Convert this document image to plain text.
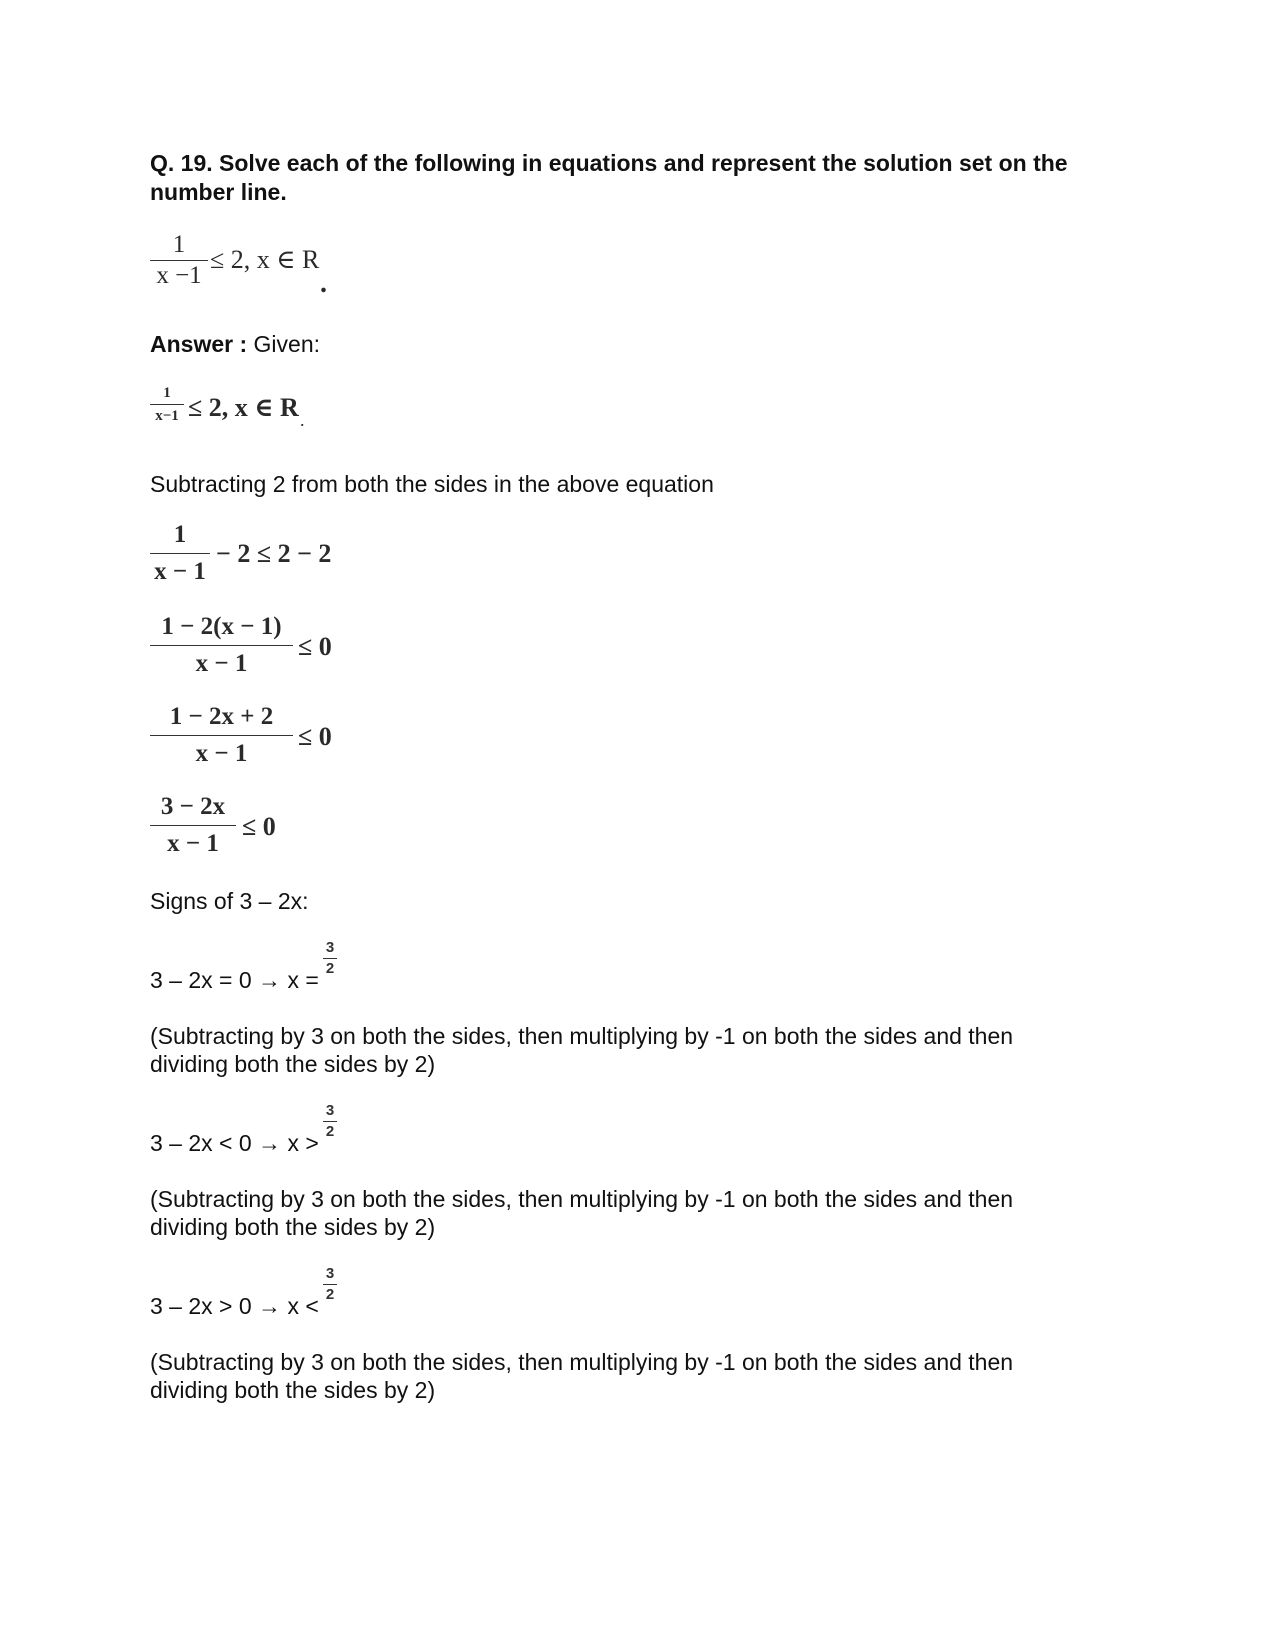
Q. 19. Solve each of the following in equations and represent the solution set on the number line.
1
x −1
≤ 2, x ∈ R
.
Answer : Given:
1
x−1 ≤ 2, x ∈ R .
Subtracting 2 from both the sides in the above equation
1
x − 1
− 2 ≤ 2 − 2
1 − 2(x − 1)
x − 1
≤ 0
1 − 2x + 2
x − 1
≤ 0
3 − 2x
x − 1
≤ 0
Signs of 3 – 2x:
3 – 2x = 0 → x =
3
2
(Subtracting by 3 on both the sides, then multiplying by -1 on both the sides and then dividing both the sides by 2)
3 – 2x < 0 → x >
3
2
(Subtracting by 3 on both the sides, then multiplying by -1 on both the sides and then dividing both the sides by 2)
3 – 2x > 0 → x <
3
2
(Subtracting by 3 on both the sides, then multiplying by -1 on both the sides and then dividing both the sides by 2)
